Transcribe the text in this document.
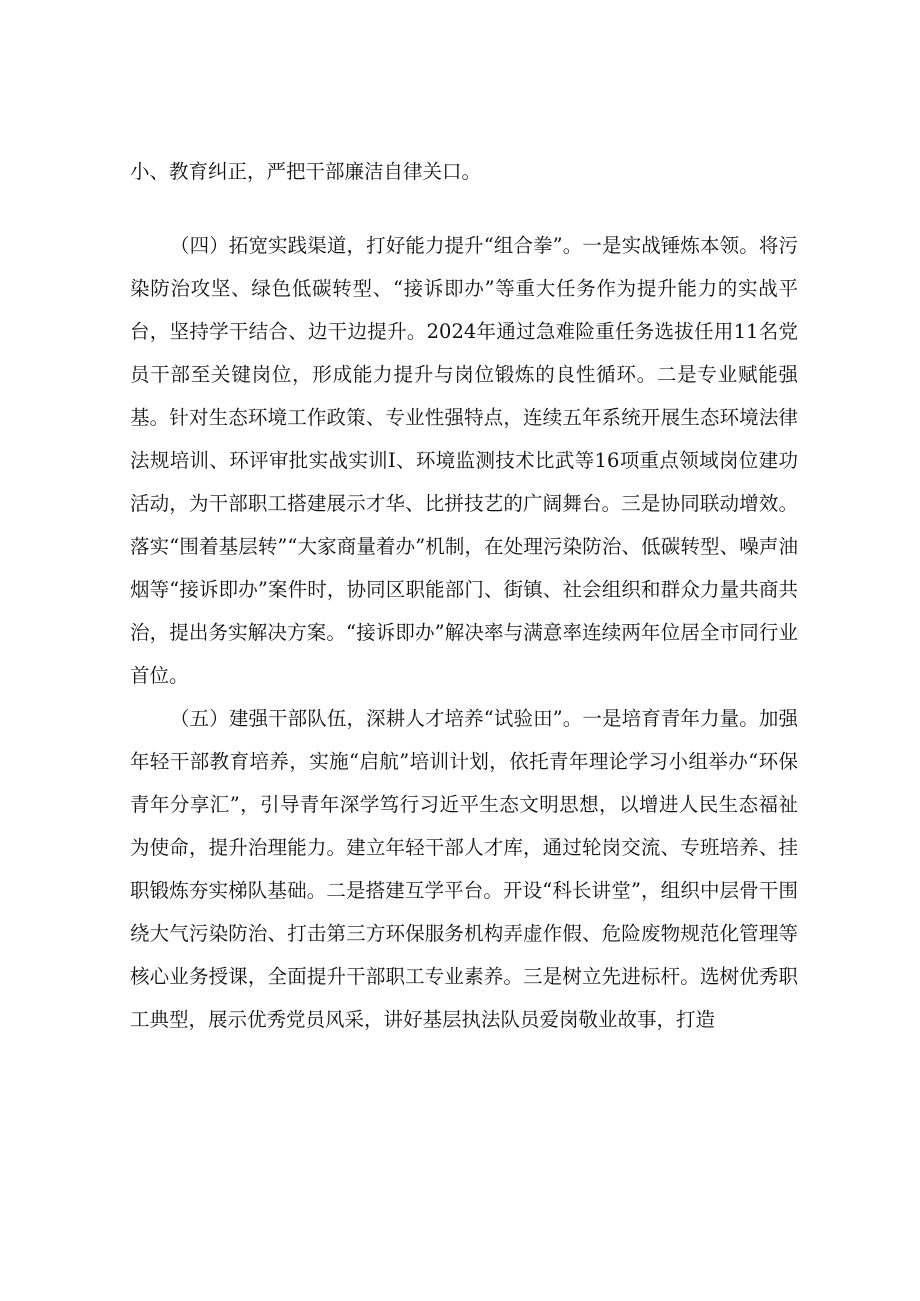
小、教育纠正，严把干部廉洁自律关口。

（四）拓宽实践渠道，打好能力提升“组合拳”。一是实战锤炼本领。将污染防治攻坚、绿色低碳转型、“接诉即办”等重大任务作为提升能力的实战平台，坚持学干结合、边干边提升。2024年通过急难险重任务选拔任用11名党员干部至关键岗位，形成能力提升与岗位锻炼的良性循环。二是专业赋能强基。针对生态环境工作政策、专业性强特点，连续五年系统开展生态环境法律法规培训、环评审批实战实训I、环境监测技术比武等16项重点领域岗位建功活动，为干部职工搭建展示才华、比拼技艺的广阔舞台。三是协同联动增效。落实“围着基层转”“大家商量着办”机制，在处理污染防治、低碳转型、噪声油烟等“接诉即办”案件时，协同区职能部门、街镇、社会组织和群众力量共商共治，提出务实解决方案。“接诉即办”解决率与满意率连续两年位居全市同行业首位。

（五）建强干部队伍，深耕人才培养“试验田”。一是培育青年力量。加强年轻干部教育培养，实施“启航”培训计划，依托青年理论学习小组举办“环保青年分享汇”，引导青年深学笃行习近平生态文明思想，以增进人民生态福祉为使命，提升治理能力。建立年轻干部人才库，通过轮岗交流、专班培养、挂职锻炼夯实梯队基础。二是搭建互学平台。开设“科长讲堂”，组织中层骨干围绕大气污染防治、打击第三方环保服务机构弄虚作假、危险废物规范化管理等核心业务授课，全面提升干部职工专业素养。三是树立先进标杆。选树优秀职工典型，展示优秀党员风采，讲好基层执法队员爱岗敬业故事，打造
